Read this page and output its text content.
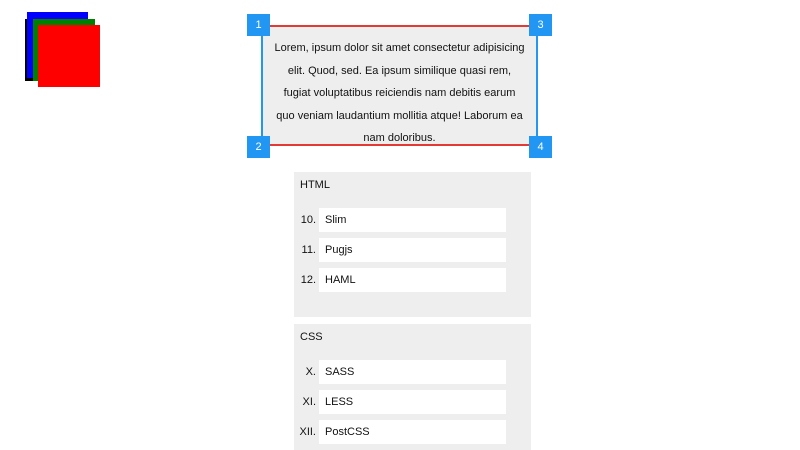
Lorem, ipsum dolor sit amet consectetur adipisicing elit. Quod, sed. Ea ipsum similique quasi rem, fugiat voluptatibus reiciendis nam debitis earum quo veniam laudantium mollitia atque! Laborum ea nam doloribus.

1	3
2	4
HTML
10. Slim
11. Pugjs
12. HAML
CSS
X. SASS
XI. LESS
XII. PostCSS
